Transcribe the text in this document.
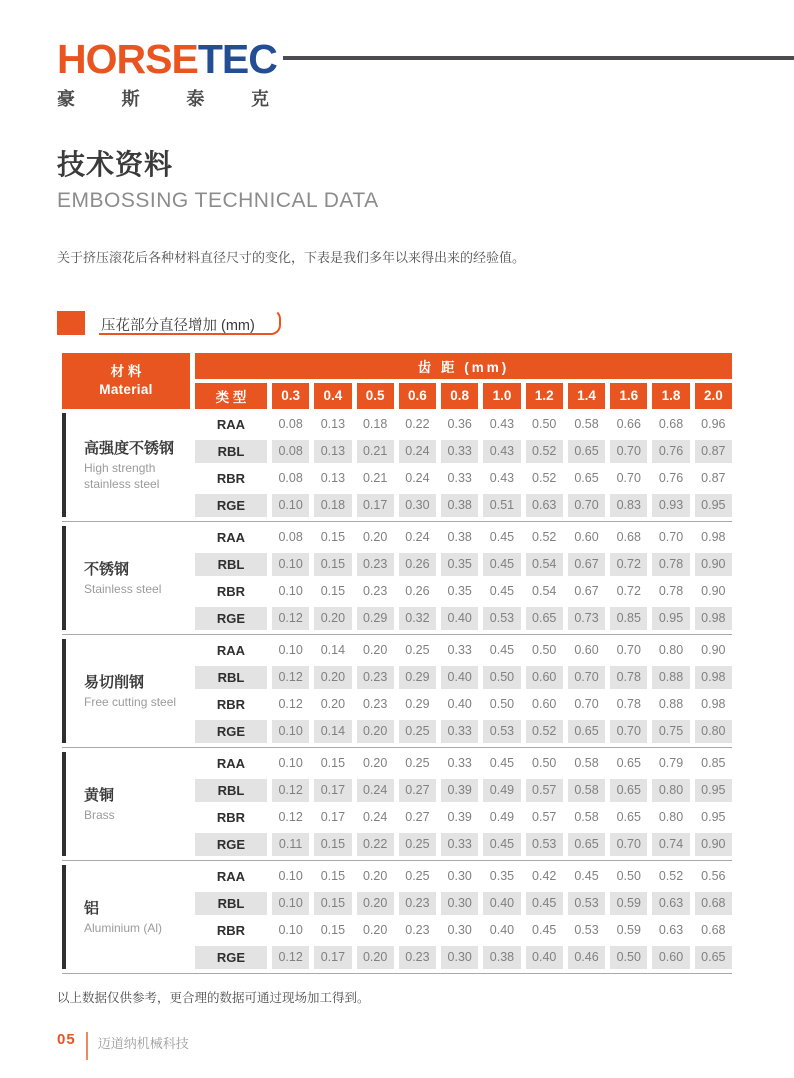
HORSETEC
豪	斯	泰	克
技术资料
EMBOSSING TECHNICAL DATA
关于挤压滚花后各种材料直径尺寸的变化，下表是我们多年以来得出来的经验值。
压花部分直径增加 (mm)
材 料
Material	齿 距 (mm)											
	类 型	0.3	0.4	0.5	0.6	0.8	1.0	1.2	1.4	1.6	1.8	2.0

高强度不锈钢
High strength stainless steel	RAA	0.08	0.13	0.18	0.22	0.36	0.43	0.50	0.58	0.66	0.68	0.96
	RBL	0.08	0.13	0.21	0.24	0.33	0.43	0.52	0.65	0.70	0.76	0.87
	RBR	0.08	0.13	0.21	0.24	0.33	0.43	0.52	0.65	0.70	0.76	0.87
	RGE	0.10	0.18	0.17	0.30	0.38	0.51	0.63	0.70	0.83	0.93	0.95

不锈钢
Stainless steel	RAA	0.08	0.15	0.20	0.24	0.38	0.45	0.52	0.60	0.68	0.70	0.98
	RBL	0.10	0.15	0.23	0.26	0.35	0.45	0.54	0.67	0.72	0.78	0.90
	RBR	0.10	0.15	0.23	0.26	0.35	0.45	0.54	0.67	0.72	0.78	0.90
	RGE	0.12	0.20	0.29	0.32	0.40	0.53	0.65	0.73	0.85	0.95	0.98

易切削钢
Free cutting steel	RAA	0.10	0.14	0.20	0.25	0.33	0.45	0.50	0.60	0.70	0.80	0.90
	RBL	0.12	0.20	0.23	0.29	0.40	0.50	0.60	0.70	0.78	0.88	0.98
	RBR	0.12	0.20	0.23	0.29	0.40	0.50	0.60	0.70	0.78	0.88	0.98
	RGE	0.10	0.14	0.20	0.25	0.33	0.53	0.52	0.65	0.70	0.75	0.80

黄铜
Brass	RAA	0.10	0.15	0.20	0.25	0.33	0.45	0.50	0.58	0.65	0.79	0.85
	RBL	0.12	0.17	0.24	0.27	0.39	0.49	0.57	0.58	0.65	0.80	0.95
	RBR	0.12	0.17	0.24	0.27	0.39	0.49	0.57	0.58	0.65	0.80	0.95
	RGE	0.11	0.15	0.22	0.25	0.33	0.45	0.53	0.65	0.70	0.74	0.90

铝
Aluminium (Al)	RAA	0.10	0.15	0.20	0.25	0.30	0.35	0.42	0.45	0.50	0.52	0.56
	RBL	0.10	0.15	0.20	0.23	0.30	0.40	0.45	0.53	0.59	0.63	0.68
	RBR	0.10	0.15	0.20	0.23	0.30	0.40	0.45	0.53	0.59	0.63	0.68
	RGE	0.12	0.17	0.20	0.23	0.30	0.38	0.40	0.46	0.50	0.60	0.65

以上数据仅供参考，更合理的数据可通过现场加工得到。
05 迈道纳机械科技
